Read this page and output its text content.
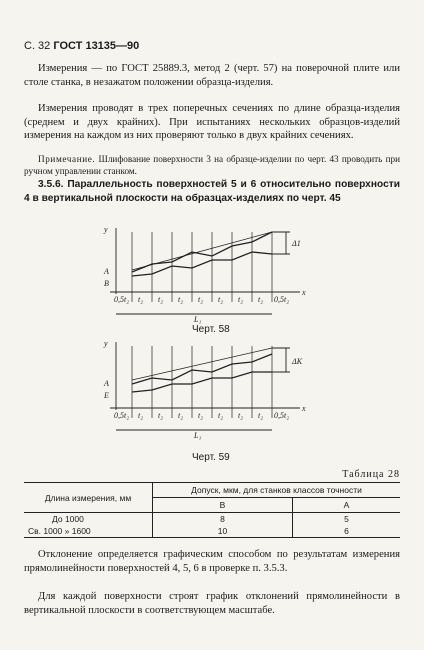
С. 32 ГОСТ 13135—90
Измерения — по ГОСТ 25889.3, метод 2 (черт. 57) на поверочной плите или столе станка, в незажатом положении образца-изделия.
Измерения проводят в трех поперечных сечениях по длине образца-изделия (среднем и двух крайних). При испытаниях нескольких образцов-изделий измерения на каждом из них проверяют только в двух крайних сечениях.
Примечание. Шлифование поверхности 3 на образце-изделии по черт. 43 проводить при ручном управлении станком.
3.5.6. Параллельность поверхностей 5 и 6 относительно поверхности 4 в вертикальной плоскости на образцах-изделиях по черт. 45
y
x
A
B
Δ1
0,5t₂ t₂ t₂ t₂ t₂ t₂ t₂ t₂ 0,5t₂
L₁
Черт. 58
y
x
A
E
ΔK
0,5t₂ t₂ t₂ t₂ t₂ t₂ t₂ t₂ 0,5t₂
L₁
Черт. 59
Таблица 28
Длина измерения, мм	Допуск, мкм, для станков классов точности	
	В	А
До 1000	8	5
Св. 1000 » 1600	10	6
Отклонение определяется графическим способом по результатам измерения прямолинейности поверхностей 4, 5, 6 в проверке п. 3.5.3.
Для каждой поверхности строят график отклонений прямолинейности в вертикальной плоскости в соответствующем масштабе.
